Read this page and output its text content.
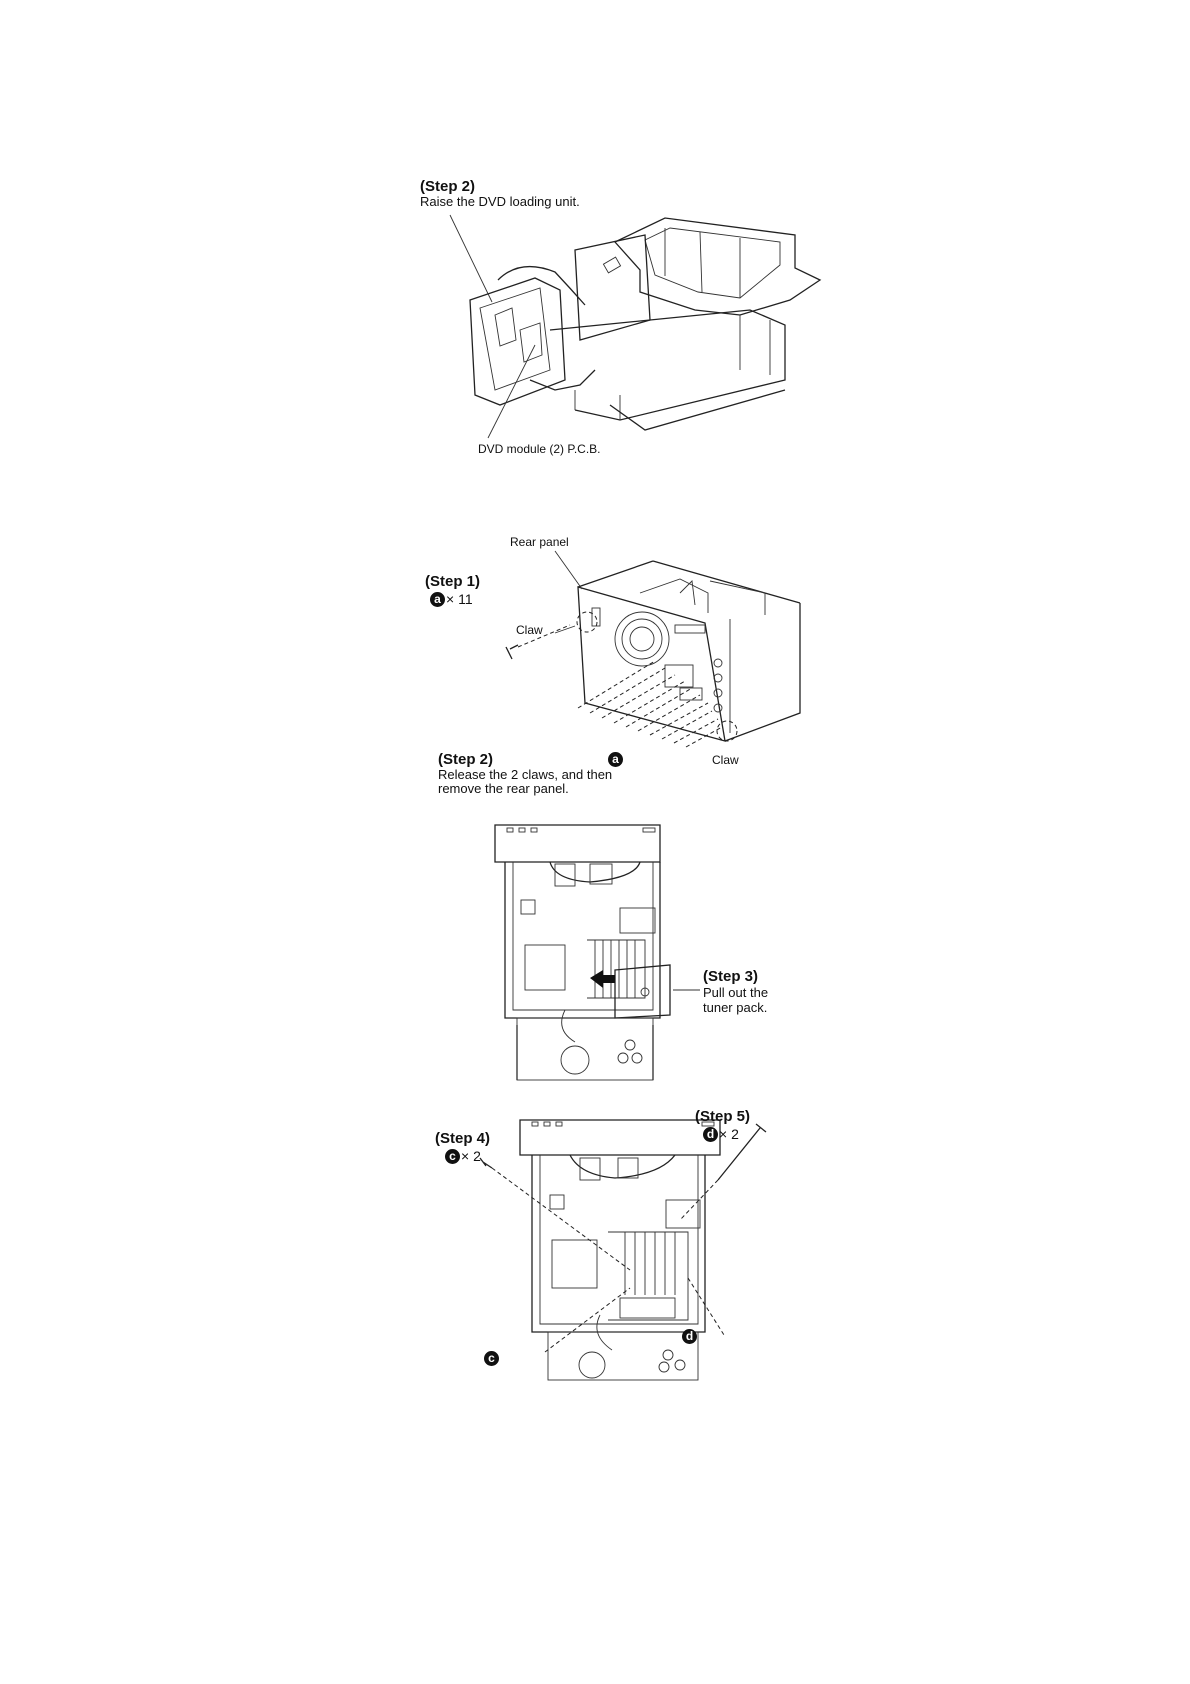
(Step 2)
Raise the DVD loading unit.
DVD module (2) P.C.B.
Rear panel
(Step 1)
a × 11
Claw
a	Claw
(Step 2)
Release the 2 claws, and then
remove the rear panel.
(Step 3)
Pull out the
tuner pack.
(Step 5)
d × 2
(Step 4)
c × 2
c
d
